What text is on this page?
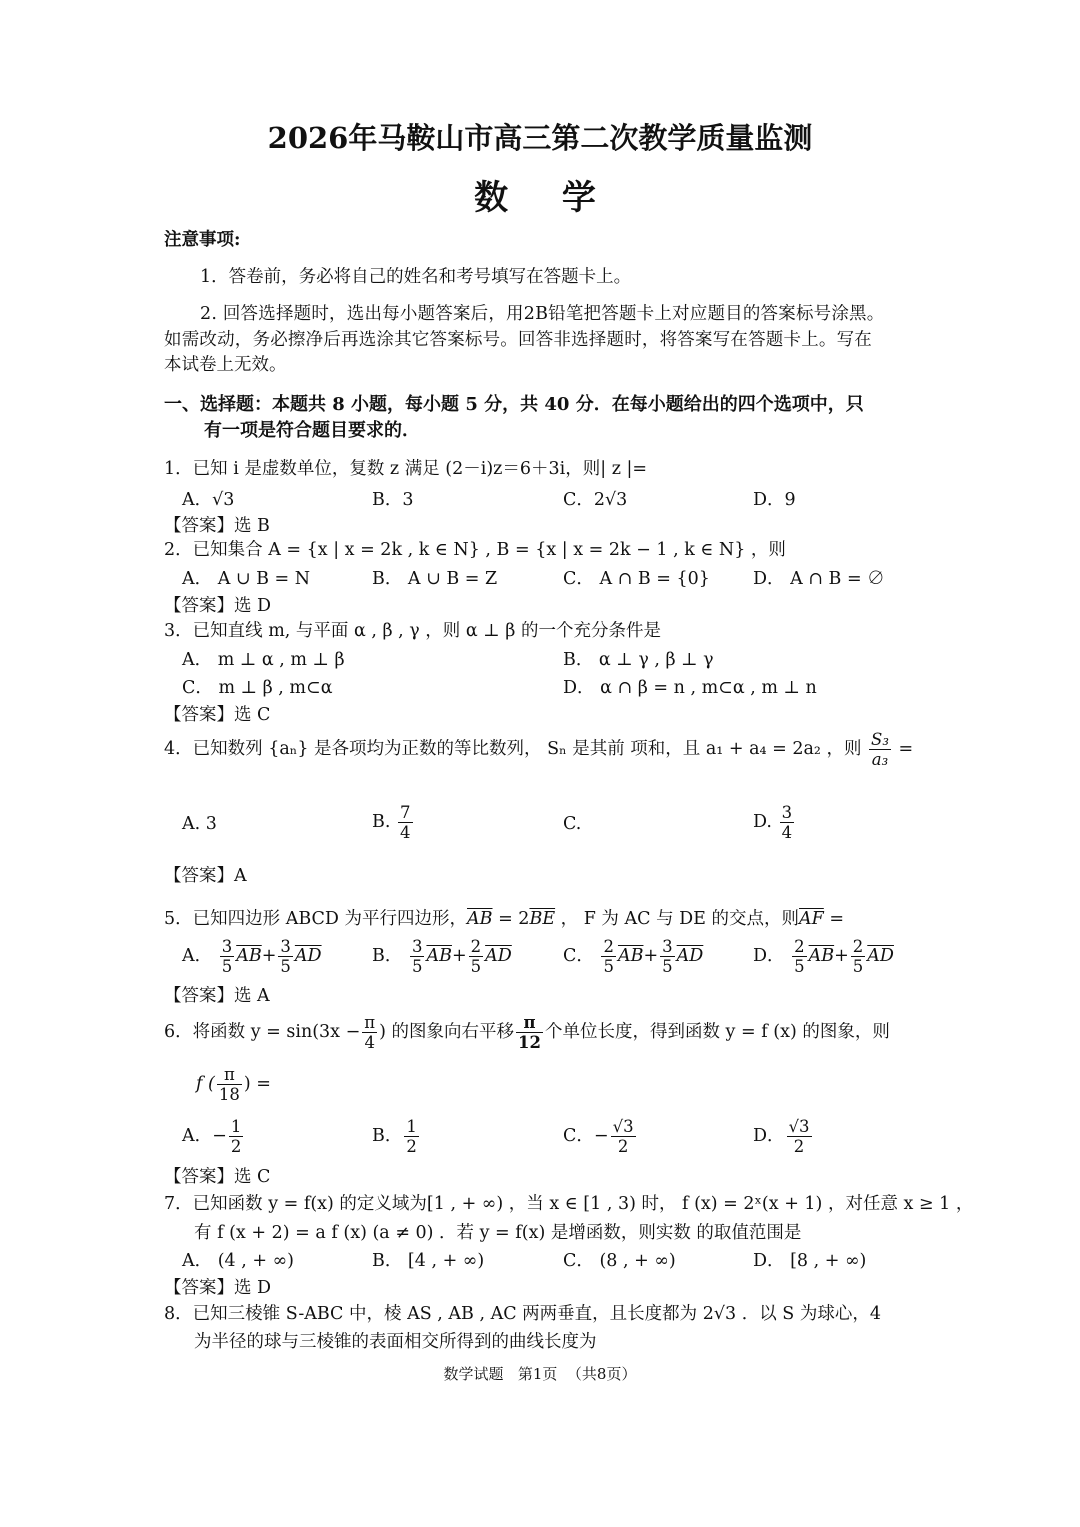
2026年马鞍山市高三第二次教学质量监测
数  学
注意事项:
1．答卷前，务必将自己的姓名和考号填写在答题卡上。
2. 回答选择题时，选出每小题答案后，用2B铅笔把答题卡上对应题目的答案标号涂黑。
如需改动，务必擦净后再选涂其它答案标号。回答非选择题时，将答案写在答题卡上。写在
本试卷上无效。
一、选择题：本题共 8 小题，每小题 5 分，共 40 分．在每小题给出的四个选项中，只
有一项是符合题目要求的．
1．已知 i 是虚数单位，复数 z 满足 (2－i)z＝6＋3i，则| z |=
A．√3	B．3	C．2√3	D．9
【答案】选 B
2．已知集合 A = {x | x = 2k , k ∈ N} , B = {x | x = 2k − 1 , k ∈ N} ，则
A． A ∪ B = N	B． A ∪ B = Z	C． A ∩ B = {0} D． A ∩ B = ∅
【答案】选 D
3．已知直线 m, 与平面 α , β , γ ，则 α ⊥ β 的一个充分条件是
A． m ⊥ α , m ⊥ β	B． α ⊥ γ , β ⊥ γ
C． m ⊥ β , m⊂α	D． α ∩ β = n , m⊂α , m ⊥ n
【答案】选 C
4．已知数列 {aₙ} 是各项均为正数的等比数列， Sₙ 是其前 项和，且 a₁ + a₄ = 2a₂ ，则 $\frac{\text{S₃}}{\text{a₃}}$ =
A. 3	B. $\frac{7}{4}$	C.	D. $\frac{3}{4}$
【答案】A
5．已知四边形 ABCD 为平行四边形，$\overline{AB} = 2\overline{BE}$ ， F 为 AC 与 DE 的交点，则$\overline{AF}$ =
A． $\frac{3}{5} \overline{AB}+ \frac{3}{5} \overline{AD}$	B． $\frac{3}{5} \overline{AB}+ \frac{2}{5} \overline{AD}$	C． $\frac{2}{5} \overline{AB}+ \frac{3}{5} \overline{AD}$	D． $\frac{2}{5} \overline{AB}+ \frac{2}{5} \overline{AD}$
【答案】选 A
6．将函数 $y = \sin(3x - \frac{\pi}{4}$ ) 的图象向右平移 $\frac{\pi}{12}$ 个单位长度，得到函数 y = f (x) 的图象，则
f ( $\frac{\pi}{18}$ ) =
A．− $\frac{1}{2}$	B． $\frac{1}{2}$	C．− $\frac{√3}{2}$	D． $\frac{√3}{2}$
【答案】选 C
7．已知函数 y = f(x) 的定义域为[1 , + ∞) ，当 x ∈ [1 , 3) 时， f (x) = 2ˣ(x + 1) ，对任意 x ≥ 1 ，
有 f (x + 2) = a f (x) (a ≠ 0) ．若 y = f(x) 是增函数，则实数 的取值范围是
A． (4 , + ∞)	B． [4 , + ∞)	C． (8 , + ∞)	D． [8 , + ∞)
【答案】选 D
8．已知三棱锥 S-ABC 中，棱 AS , AB , AC 两两垂直，且长度都为 2√3 ．以 S 为球心，4
为半径的球与三棱锥的表面相交所得到的曲线长度为
数学试题   第1页  （共8页）
